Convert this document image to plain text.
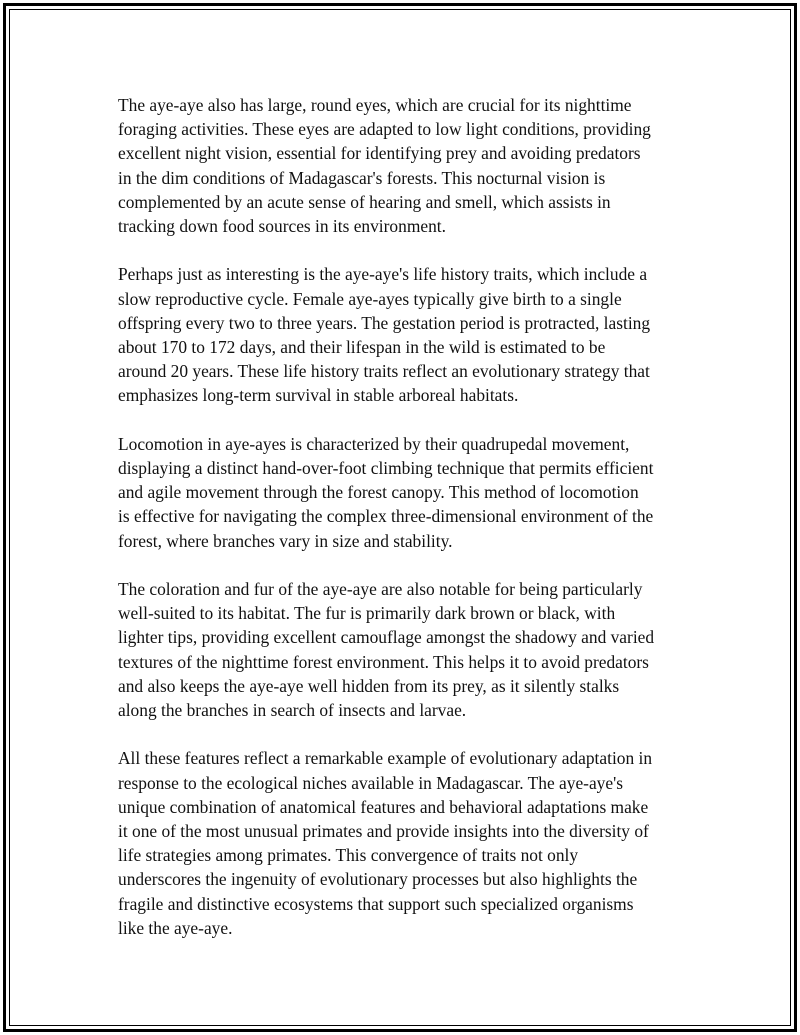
The aye-aye also has large, round eyes, which are crucial for its nighttime
foraging activities. These eyes are adapted to low light conditions, providing
excellent night vision, essential for identifying prey and avoiding predators
in the dim conditions of Madagascar's forests. This nocturnal vision is
complemented by an acute sense of hearing and smell, which assists in
tracking down food sources in its environment.

Perhaps just as interesting is the aye-aye's life history traits, which include a
slow reproductive cycle. Female aye-ayes typically give birth to a single
offspring every two to three years. The gestation period is protracted, lasting
about 170 to 172 days, and their lifespan in the wild is estimated to be
around 20 years. These life history traits reflect an evolutionary strategy that
emphasizes long-term survival in stable arboreal habitats.

Locomotion in aye-ayes is characterized by their quadrupedal movement,
displaying a distinct hand-over-foot climbing technique that permits efficient
and agile movement through the forest canopy. This method of locomotion
is effective for navigating the complex three-dimensional environment of the
forest, where branches vary in size and stability.

The coloration and fur of the aye-aye are also notable for being particularly
well-suited to its habitat. The fur is primarily dark brown or black, with
lighter tips, providing excellent camouflage amongst the shadowy and varied
textures of the nighttime forest environment. This helps it to avoid predators
and also keeps the aye-aye well hidden from its prey, as it silently stalks
along the branches in search of insects and larvae.

All these features reflect a remarkable example of evolutionary adaptation in
response to the ecological niches available in Madagascar. The aye-aye's
unique combination of anatomical features and behavioral adaptations make
it one of the most unusual primates and provide insights into the diversity of
life strategies among primates. This convergence of traits not only
underscores the ingenuity of evolutionary processes but also highlights the
fragile and distinctive ecosystems that support such specialized organisms
like the aye-aye.
